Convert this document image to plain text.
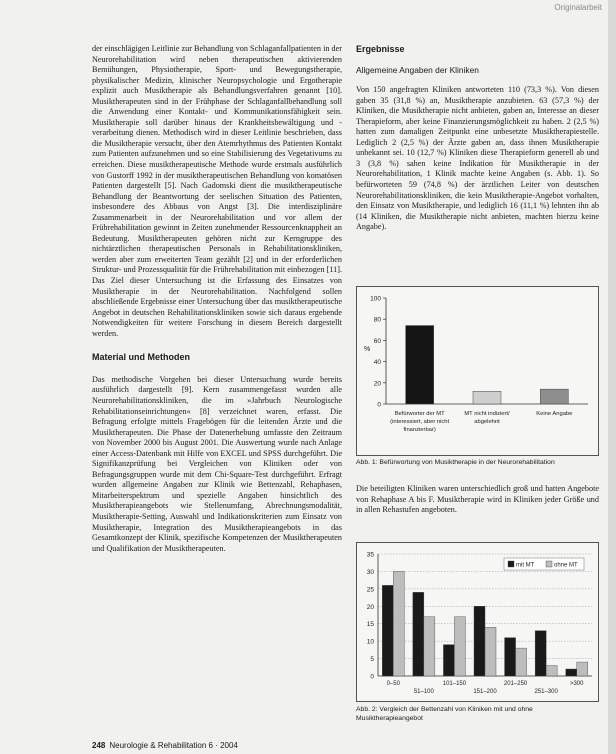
Originalarbeit

der einschlägigen Leitlinie zur Behandlung von Schlaganfallpatienten in der Neurorehabilitation wird neben therapeutischen aktivierenden Bemühungen, Physiotherapie, Sport- und Bewegungstherapie, physikalischer Medizin, klinischer Neuropsychologie und Ergotherapie explizit auch Musiktherapie als Behandlungsverfahren genannt [10]. Musiktherapeuten sind in der Frühphase der Schlaganfallbehandlung soll die Anwendung einer Kontakt- und Kommunikationsfähigkeit sein. Musiktherapie soll darüber hinaus der Krankheitsbewältigung und -verarbeitung dienen. Methodisch wird in dieser Leitlinie beschrieben, dass die Musiktherapie versucht, über den Atemrhythmus des Patienten Kontakt zum Patienten aufzunehmen und so eine Stabilisierung des Vegetativums zu erreichen. Diese musiktherapeutische Methode wurde erstmals ausführlich von Gustorff 1992 in der musiktherapeutischen Behandlung von komatösen Patienten dargestellt [5]. Nach Gadomski dient die musiktherapeutische Behandlung der Beantwortung der seelischen Situation des Patienten, insbesondere des Abbaus von Angst [3]. Die interdisziplinäre Zusammenarbeit in der Neurorehabilitation und vor allem der Frührehabilitation gewinnt in Zeiten zunehmender Ressourcenknappheit an Bedeutung. Musiktherapeuten gehören nicht zur Kerngruppe des nichtärztlichen therapeutischen Personals in Rehabilitationskliniken, werden aber zum erweiterten Team gezählt [2] und in der erforderlichen Struktur- und Prozessqualität für die Frührehabilitation mit einbezogen [11]. Das Ziel dieser Untersuchung ist die Erfassung des Einsatzes von Musiktherapie in der Neurorehabilitation. Nachfolgend sollen abschließende Ergebnisse einer Untersuchung über das musiktherapeutische Angebot in deutschen Rehabilitationskliniken sowie sich daraus ergebende Notwendigkeiten für weitere Forschung in diesem Bereich dargestellt werden.

Material und Methoden

Das methodische Vorgehen bei dieser Untersuchung wurde bereits ausführlich dargestellt [9]. Kern zusammengefasst wurden alle Neurorehabilitationskliniken, die im »Jahrbuch Neurologische Rehabilitationseinrichtungen« [8] verzeichnet waren, erfasst. Die Befragung erfolgte mittels Fragebögen für die leitenden Ärzte und die Musiktherapeuten. Die Phase der Datenerhebung umfasste den Zeitraum von November 2000 bis August 2001. Die Auswertung wurde nach Anlage einer Access-Datenbank mit Hilfe von EXCEL und SPSS durchgeführt. Die Signifikanzprüfung bei Vergleichen von Kliniken oder von Befragungsgruppen wurde mit dem Chi-Square-Test durchgeführt. Erfragt wurden allgemeine Angaben zur Klinik wie Bettenzahl, Rehaphasen, Mitarbeiterspektrum und spezielle Angaben hinsichtlich des Musiktherapieangebots wie Stellenumfang, Abrechnungsmodalität, Musiktherapie-Setting, Auswahl und Indikationskriterien zum Einsatz von Musiktherapie, Integration des Musiktherapieangebots in das Gesamtkonzept der Klinik, spezifische Kompetenzen der Musiktherapeuten und Qualifikation der Musiktherapeuten.

Ergebnisse

Allgemeine Angaben der Kliniken

Von 150 angefragten Kliniken antworteten 110 (73,3 %). Von diesen gaben 35 (31,8 %) an, Musiktherapie anzubieten. 63 (57,3 %) der Kliniken, die Musiktherapie nicht anbieten, gaben an, Interesse an dieser Therapieform, aber keine Finanzierungsmöglichkeit zu haben. 2 (2,5 %) hatten zum damaligen Zeitpunkt eine unbesetzte Musiktherapiestelle. Lediglich 2 (2,5 %) der Ärzte gaben an, dass ihnen Musiktherapie unbekannt sei. 10 (12,7 %) Kliniken diese Therapieform generell ab und 3 (3,8 %) sahen keine Indikation für Musiktherapie in der Neurorehabilitation, 1 Klinik machte keine Angaben (s. Abb. 1). So befürworteten 59 (74,8 %) der ärztlichen Leiter von deutschen Neurorehabilitationskliniken, die kein Musiktherapie-Angebot vorhalten, den Einsatz von Musiktherapie, und lediglich 16 (11,1 %) lehnten ihn ab (14 Kliniken, die Musiktherapie nicht anbieten, machten hierzu keine Angabe).

0
20
40
60
80
100
%
Befürworter der MT
(interessiert, aber nicht
finanzierbar)
MT nicht indiziert/
abgelehnt
Keine Angabe
Abb. 1: Befürwortung von Musiktherapie in der Neurorehabilitation

Die beteiligten Kliniken waren unterschiedlich groß und hatten Angebote von Rehaphase A bis F. Musiktherapie wird in Kliniken jeder Größe und in allen Rehastufen angeboten.

0
5
10
15
20
25
30
35
0–50
51–100
101–150
151–200
201–250
251–300
>300
mit MT	ohne MT
Abb. 2: Vergleich der Bettenzahl von Kliniken mit und ohne Musiktherapieangebot
248 Neurologie & Rehabilitation 6 · 2004
